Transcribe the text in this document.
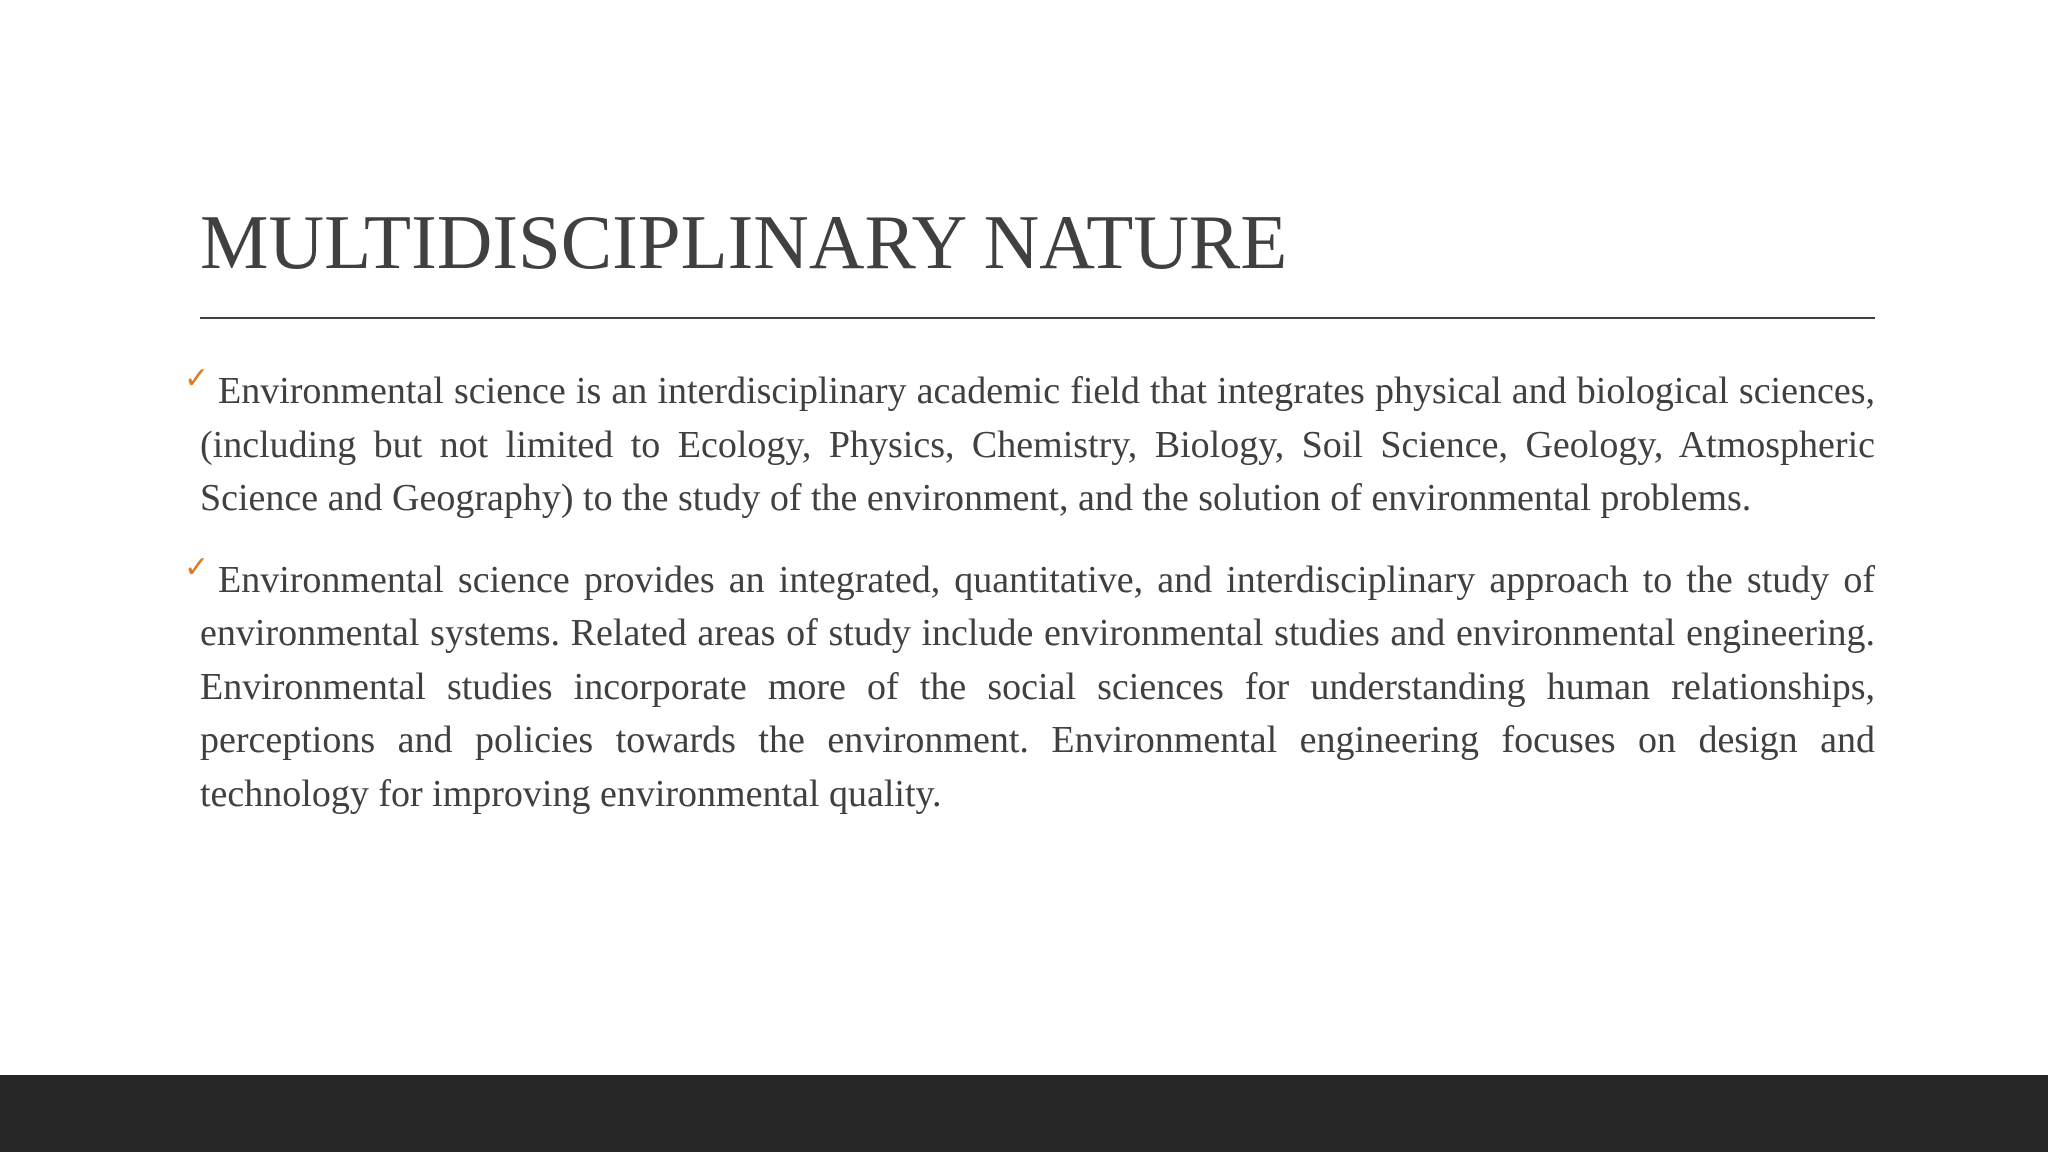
MULTIDISCIPLINARY NATURE

✓ Environmental science is an interdisciplinary academic field that integrates physical and biological sciences, (including but not limited to Ecology, Physics, Chemistry, Biology, Soil Science, Geology, Atmospheric Science and Geography) to the study of the environment, and the solution of environmental problems.

✓ Environmental science provides an integrated, quantitative, and interdisciplinary approach to the study of environmental systems. Related areas of study include environmental studies and environmental engineering. Environmental studies incorporate more of the social sciences for understanding human relationships, perceptions and policies towards the environment. Environmental engineering focuses on design and technology for improving environmental quality.
